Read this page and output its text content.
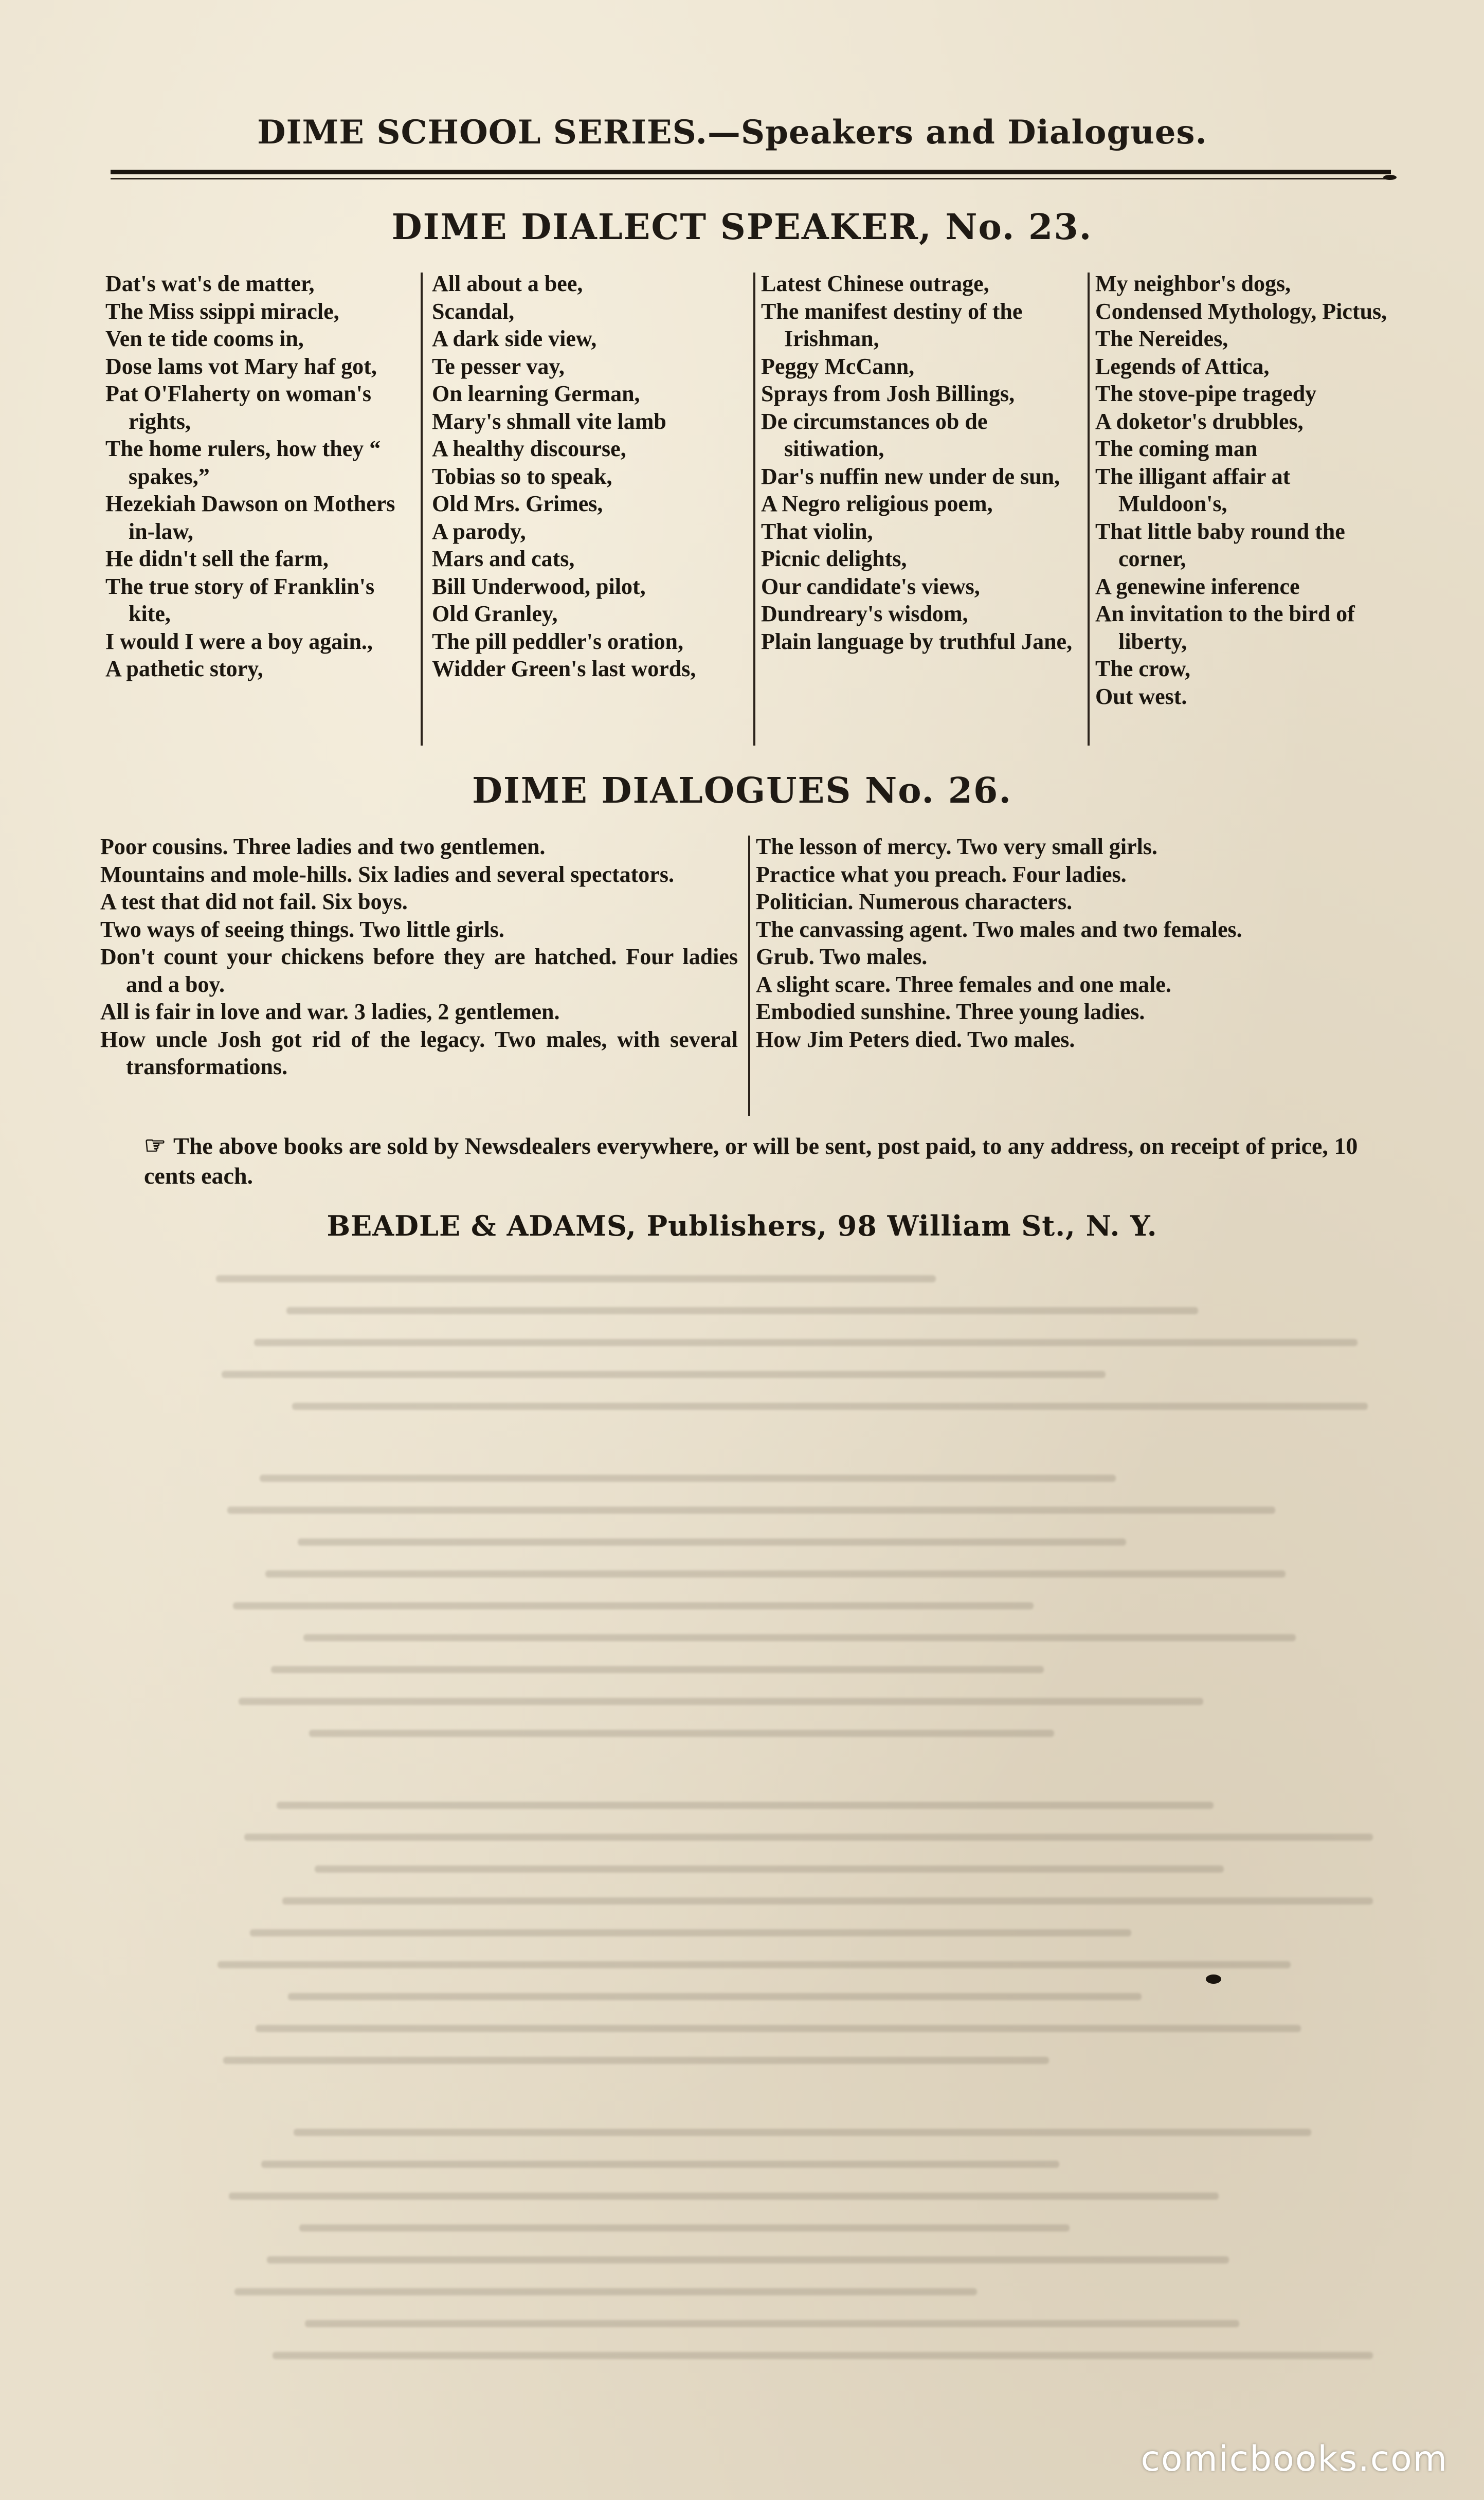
DIME SCHOOL SERIES.—Speakers and Dialogues.
DIME DIALECT SPEAKER, No. 23.
Dat's wat's de matter,
The Miss ssippi miracle,
Ven te tide cooms in,
Dose lams vot Mary haf got,
Pat O'Flaherty on woman's rights,
The home rulers, how they “ spakes,”
Hezekiah Dawson on Mothers in-law,
He didn't sell the farm,
The true story of Franklin's kite,
I would I were a boy again.,
A pathetic story,
All about a bee,
Scandal,
A dark side view,
Te pesser vay,
On learning German,
Mary's shmall vite lamb
A healthy discourse,
Tobias so to speak,
Old Mrs. Grimes,
A parody,
Mars and cats,
Bill Underwood, pilot,
Old Granley,
The pill peddler's oration,
Widder Green's last words,
Latest Chinese outrage,
The manifest destiny of the Irishman,
Peggy McCann,
Sprays from Josh Billings,
De circumstances ob de sitiwation,
Dar's nuffin new under de sun,
A Negro religious poem,
That violin,
Picnic delights,
Our candidate's views,
Dundreary's wisdom,
Plain language by truthful Jane,
My neighbor's dogs,
Condensed Mythology, Pictus,
The Nereides,
Legends of Attica,
The stove-pipe tragedy
A doketor's drubbles,
The coming man
The illigant affair at Muldoon's,
That little baby round the corner,
A genewine inference
An invitation to the bird of liberty,
The crow,
Out west.
DIME DIALOGUES No. 26.
Poor cousins. Three ladies and two gentlemen.
Mountains and mole-hills. Six ladies and several spectators.
A test that did not fail. Six boys.
Two ways of seeing things. Two little girls.
Don't count your chickens before they are hatched. Four ladies and a boy.
All is fair in love and war. 3 ladies, 2 gentlemen.
How uncle Josh got rid of the legacy. Two males, with several transformations.
The lesson of mercy. Two very small girls.
Practice what you preach. Four ladies.
Politician. Numerous characters.
The canvassing agent. Two males and two females.
Grub. Two males.
A slight scare. Three females and one male.
Embodied sunshine. Three young ladies.
How Jim Peters died. Two males.
☞ The above books are sold by Newsdealers everywhere, or will be sent, post paid, to any address, on receipt of price, 10 cents each.
BEADLE & ADAMS, Publishers, 98 William St., N. Y.
comicbooks.com
